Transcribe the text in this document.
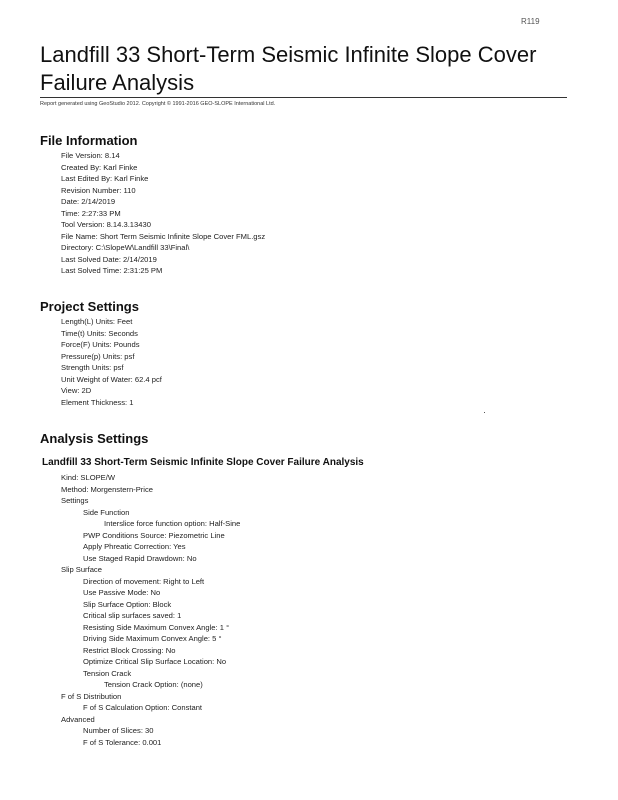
R119
Landfill 33 Short-Term Seismic Infinite Slope Cover Failure Analysis
Report generated using GeoStudio 2012. Copyright © 1991-2016 GEO-SLOPE International Ltd.
File Information
File Version: 8.14
Created By: Karl Finke
Last Edited By: Karl Finke
Revision Number: 110
Date: 2/14/2019
Time: 2:27:33 PM
Tool Version: 8.14.3.13430
File Name: Short Term Seismic Infinite Slope Cover FML.gsz
Directory: C:\SlopeW\Landfill 33\Final\
Last Solved Date: 2/14/2019
Last Solved Time: 2:31:25 PM
Project Settings
Length(L) Units: Feet
Time(t) Units: Seconds
Force(F) Units: Pounds
Pressure(p) Units: psf
Strength Units: psf
Unit Weight of Water: 62.4 pcf
View: 2D
Element Thickness: 1
Analysis Settings
Landfill 33 Short-Term Seismic Infinite Slope Cover Failure Analysis
Kind: SLOPE/W
Method: Morgenstern-Price
Settings
Side Function
Interslice force function option: Half-Sine
PWP Conditions Source: Piezometric Line
Apply Phreatic Correction: Yes
Use Staged Rapid Drawdown: No
Slip Surface
Direction of movement: Right to Left
Use Passive Mode: No
Slip Surface Option: Block
Critical slip surfaces saved: 1
Resisting Side Maximum Convex Angle: 1 °
Driving Side Maximum Convex Angle: 5 °
Restrict Block Crossing: No
Optimize Critical Slip Surface Location: No
Tension Crack
Tension Crack Option: (none)
F of S Distribution
F of S Calculation Option: Constant
Advanced
Number of Slices: 30
F of S Tolerance: 0.001
